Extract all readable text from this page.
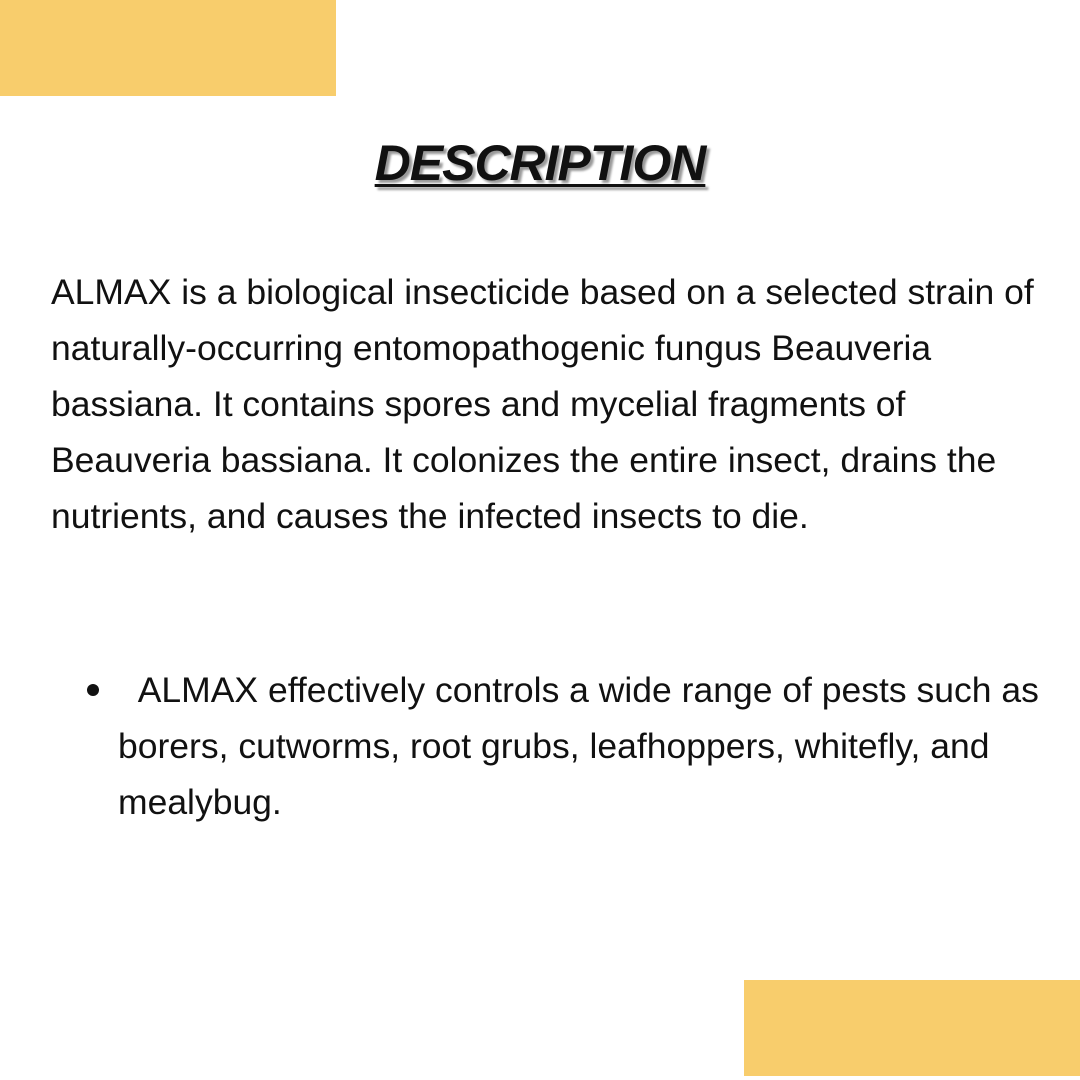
DESCRIPTION

ALMAX is a biological insecticide based on a selected strain of naturally-occurring entomopathogenic fungus Beauveria bassiana. It contains spores and mycelial fragments of Beauveria bassiana. It colonizes the entire insect, drains the nutrients, and causes the infected insects to die.

ALMAX effectively controls a wide range of pests such as borers, cutworms, root grubs, leafhoppers, whitefly, and mealybug.
